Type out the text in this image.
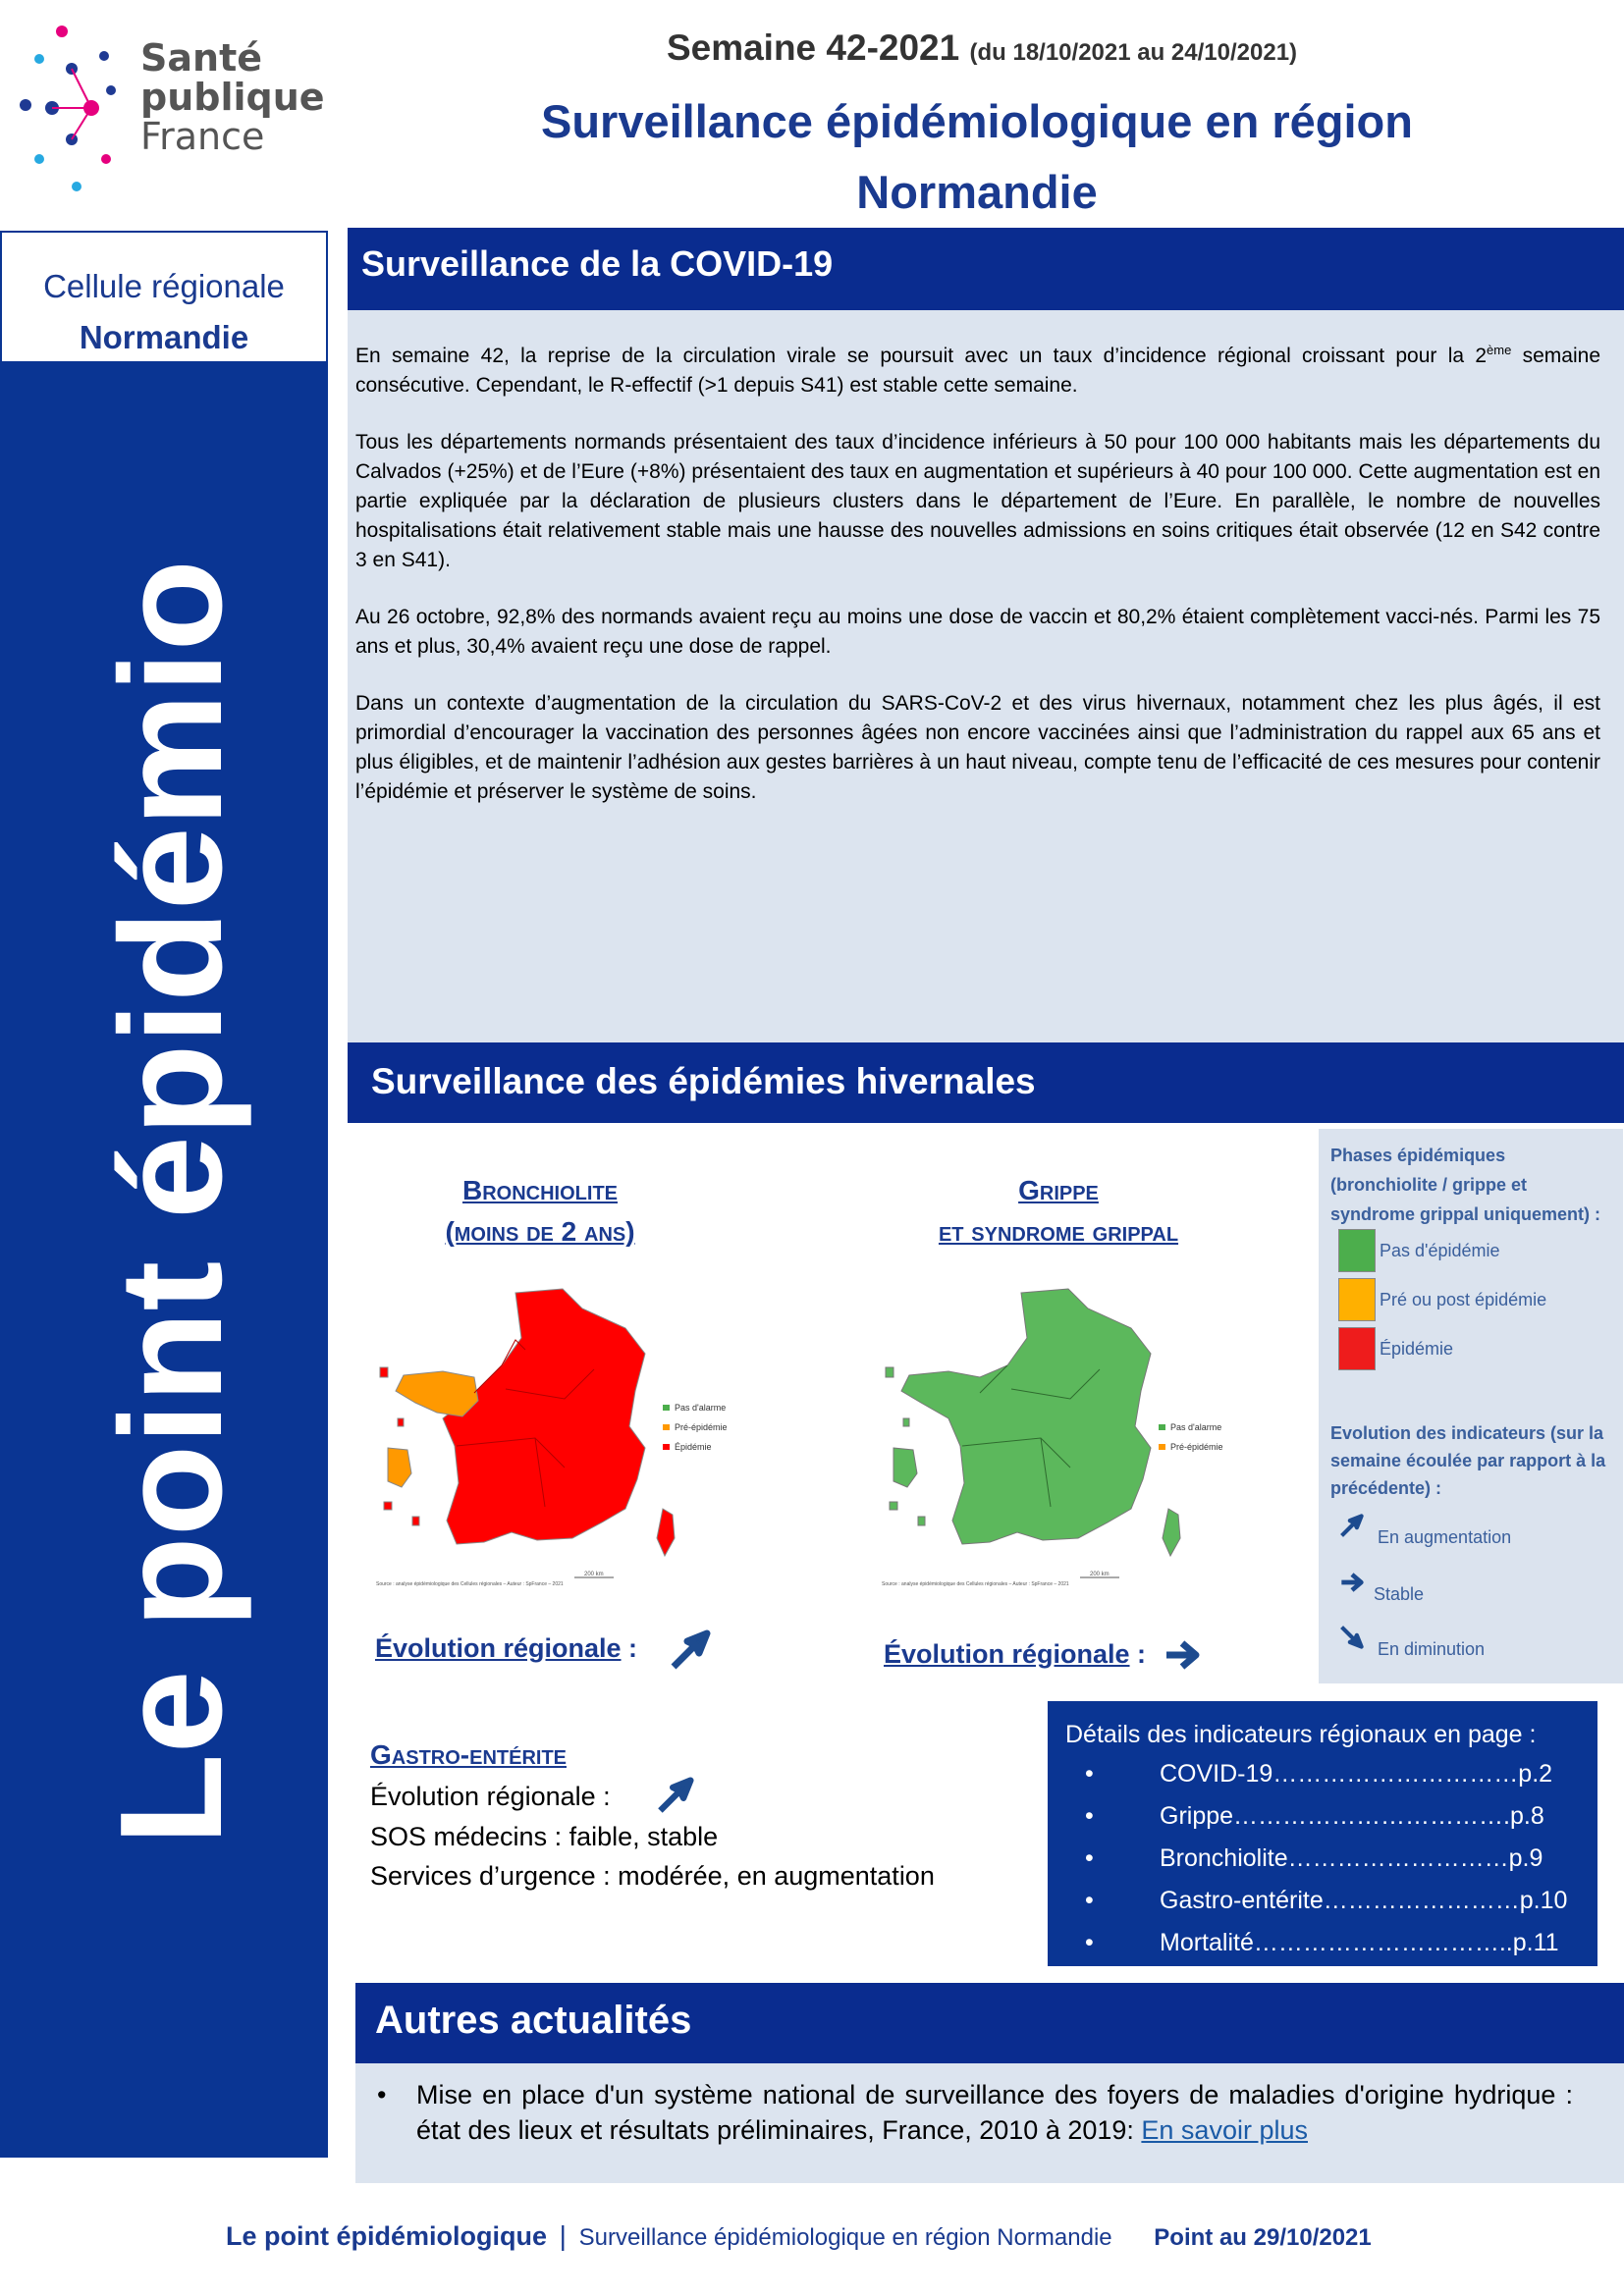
Santé
publique
France
Semaine 42-2021 (du 18/10/2021 au 24/10/2021)
Surveillance épidémiologique en région
Normandie
Cellule régionale
Normandie
Le point épidémio
Surveillance de la COVID-19

En semaine 42, la reprise de la circulation virale se poursuit avec un taux d’incidence régional croissant pour la 2ème semaine consécutive. Cependant, le R-effectif (>1 depuis S41) est stable cette semaine.

Tous les départements normands présentaient des taux d’incidence inférieurs à 50 pour 100 000 habitants mais les départements du Calvados (+25%) et de l’Eure (+8%) présentaient des taux en augmentation et supérieurs à 40 pour 100 000. Cette augmentation est en partie expliquée par la déclaration de plusieurs clusters dans le département de l’Eure. En parallèle, le nombre de nouvelles hospitalisations était relativement stable mais une hausse des nouvelles admissions en soins critiques était observée (12 en S42 contre 3 en S41).

Au 26 octobre, 92,8% des normands avaient reçu au moins une dose de vaccin et 80,2% étaient complètement vacci-nés. Parmi les 75 ans et plus, 30,4% avaient reçu une dose de rappel.

Dans un contexte d’augmentation de la circulation du SARS-CoV-2 et des virus hivernaux, notamment chez les plus âgés, il est primordial d’encourager la vaccination des personnes âgées non encore vaccinées ainsi que l’administration du rappel aux 65 ans et plus éligibles, et de maintenir l’adhésion aux gestes barrières à un haut niveau, compte tenu de l’efficacité de ces mesures pour contenir l’épidémie et préserver le système de soins.

Surveillance des épidémies hivernales
Bronchiolite
(moins de 2 ans)
Grippe
et syndrome grippal
Pas d'alarme
Pré-épidémie
Épidémie
200 km
Source : analyse épidémiologique des Cellules régionales – Auteur : SpFrance – 2021
Pas d'alarme
Pré-épidémie
200 km
Source : analyse épidémiologique des Cellules régionales – Auteur : SpFrance – 2021
Évolution régionale :	Évolution régionale :
Gastro-entérite
Évolution régionale :
SOS médecins : faible, stable
Services d’urgence : modérée, en augmentation
Phases épidémiques (bronchiolite / grippe et syndrome grippal uniquement) :
Pas d'épidémie
Pré ou post épidémie
Épidémie
Evolution des indicateurs (sur la semaine écoulée par rapport à la précédente) :
En augmentation
Stable
En diminution
Détails des indicateurs régionaux en page :
• COVID-19…………………………p.2
• Grippe…………………………….p.8
• Bronchiolite………………………p.9
• Gastro-entérite……………………p.10
• Mortalité…………………………..p.11
Autres actualités
• Mise en place d'un système national de surveillance des foyers de maladies d'origine hydrique : état des lieux et résultats préliminaires, France, 2010 à 2019: En savoir plus
Le point épidémiologique | Surveillance épidémiologique en région Normandie Point au 29/10/2021
